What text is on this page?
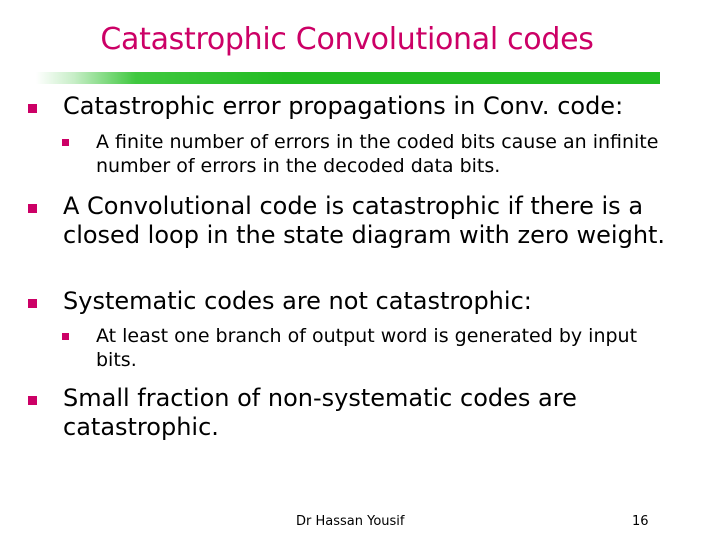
Catastrophic Convolutional codes
Catastrophic error propagations in Conv. code:
A finite number of errors in the coded bits cause an infinite number of errors in the decoded data bits.
A Convolutional code is catastrophic if there is a closed loop in the state diagram with zero weight.
Systematic codes are not catastrophic:
At least one branch of output word is generated by input bits.
Small fraction of non-systematic codes are catastrophic.
Dr Hassan Yousif	16
